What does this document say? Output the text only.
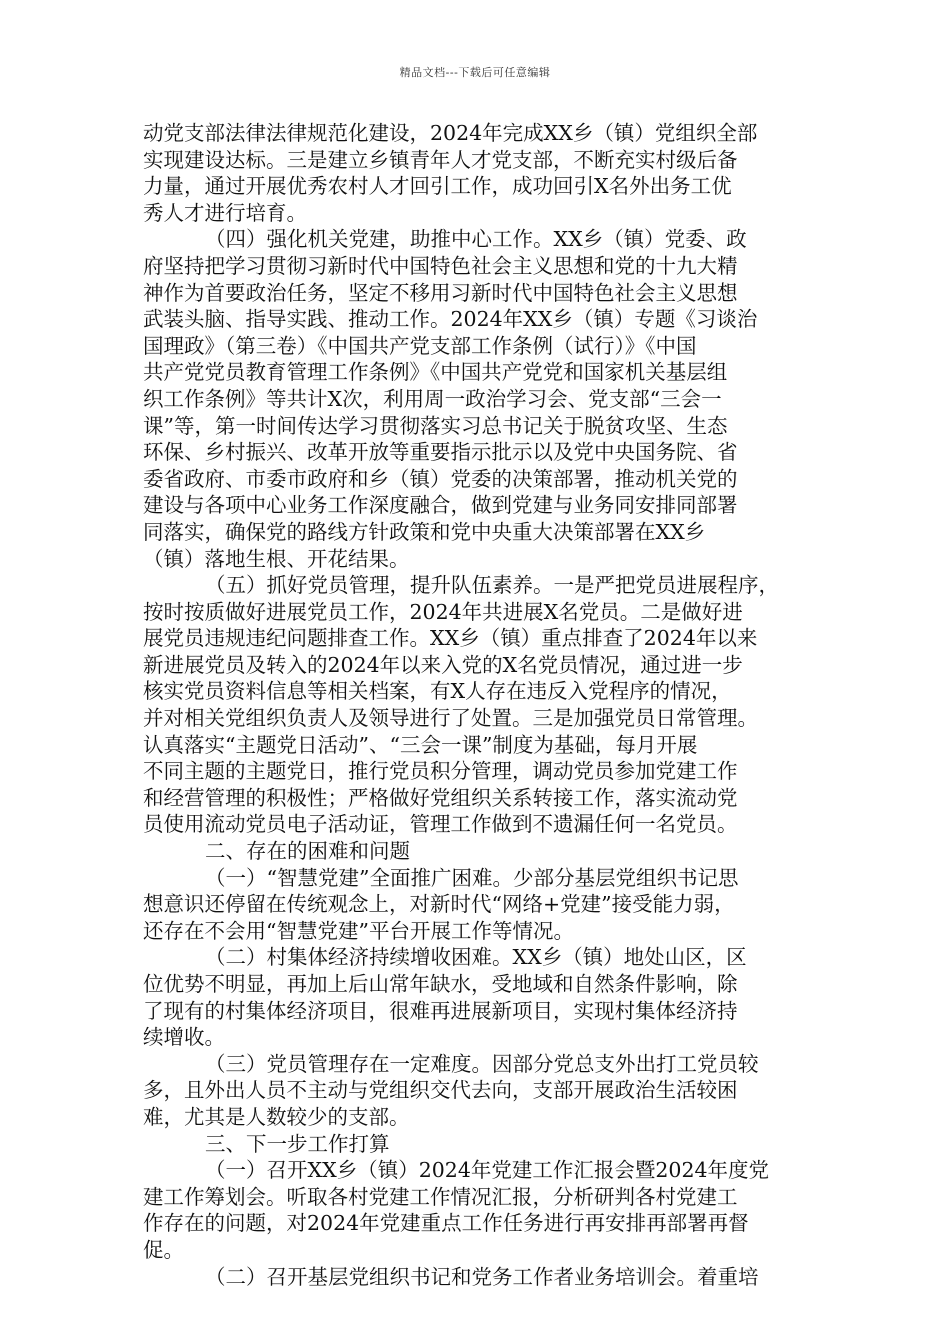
精品文档---下载后可任意编辑
动党支部法律法律规范化建设，2024年完成XX乡（镇）党组织全部
实现建设达标。三是建立乡镇青年人才党支部，不断充实村级后备
力量，通过开展优秀农村人才回引工作，成功回引X名外出务工优
秀人才进行培育。
（四）强化机关党建，助推中心工作。XX乡（镇）党委、政
府坚持把学习贯彻习新时代中国特色社会主义思想和党的十九大精
神作为首要政治任务，坚定不移用习新时代中国特色社会主义思想
武装头脑、指导实践、推动工作。2024年XX乡（镇）专题《习谈治
国理政》（第三卷）《中国共产党支部工作条例（试行）》《中国
共产党党员教育管理工作条例》《中国共产党党和国家机关基层组
织工作条例》等共计X次，利用周一政治学习会、党支部“三会一
课”等，第一时间传达学习贯彻落实习总书记关于脱贫攻坚、生态
环保、乡村振兴、改革开放等重要指示批示以及党中央国务院、省
委省政府、市委市政府和乡（镇）党委的决策部署，推动机关党的
建设与各项中心业务工作深度融合，做到党建与业务同安排同部署
同落实，确保党的路线方针政策和党中央重大决策部署在XX乡
（镇）落地生根、开花结果。
（五）抓好党员管理，提升队伍素养。一是严把党员进展程序，
按时按质做好进展党员工作，2024年共进展X名党员。二是做好进
展党员违规违纪问题排查工作。XX乡（镇）重点排查了2024年以来
新进展党员及转入的2024年以来入党的X名党员情况，通过进一步
核实党员资料信息等相关档案，有X人存在违反入党程序的情况，
并对相关党组织负责人及领导进行了处置。三是加强党员日常管理。
认真落实“主题党日活动”、“三会一课”制度为基础，每月开展
不同主题的主题党日，推行党员积分管理，调动党员参加党建工作
和经营管理的积极性；严格做好党组织关系转接工作，落实流动党
员使用流动党员电子活动证，管理工作做到不遗漏任何一名党员。
二、存在的困难和问题
（一）“智慧党建”全面推广困难。少部分基层党组织书记思
想意识还停留在传统观念上，对新时代“网络+党建”接受能力弱，
还存在不会用“智慧党建”平台开展工作等情况。
（二）村集体经济持续增收困难。XX乡（镇）地处山区，区
位优势不明显，再加上后山常年缺水，受地域和自然条件影响，除
了现有的村集体经济项目，很难再进展新项目，实现村集体经济持
续增收。
（三）党员管理存在一定难度。因部分党总支外出打工党员较
多，且外出人员不主动与党组织交代去向，支部开展政治生活较困
难，尤其是人数较少的支部。
三、下一步工作打算
（一）召开XX乡（镇）2024年党建工作汇报会暨2024年度党
建工作筹划会。听取各村党建工作情况汇报，分析研判各村党建工
作存在的问题，对2024年党建重点工作任务进行再安排再部署再督
促。
（二）召开基层党组织书记和党务工作者业务培训会。着重培
